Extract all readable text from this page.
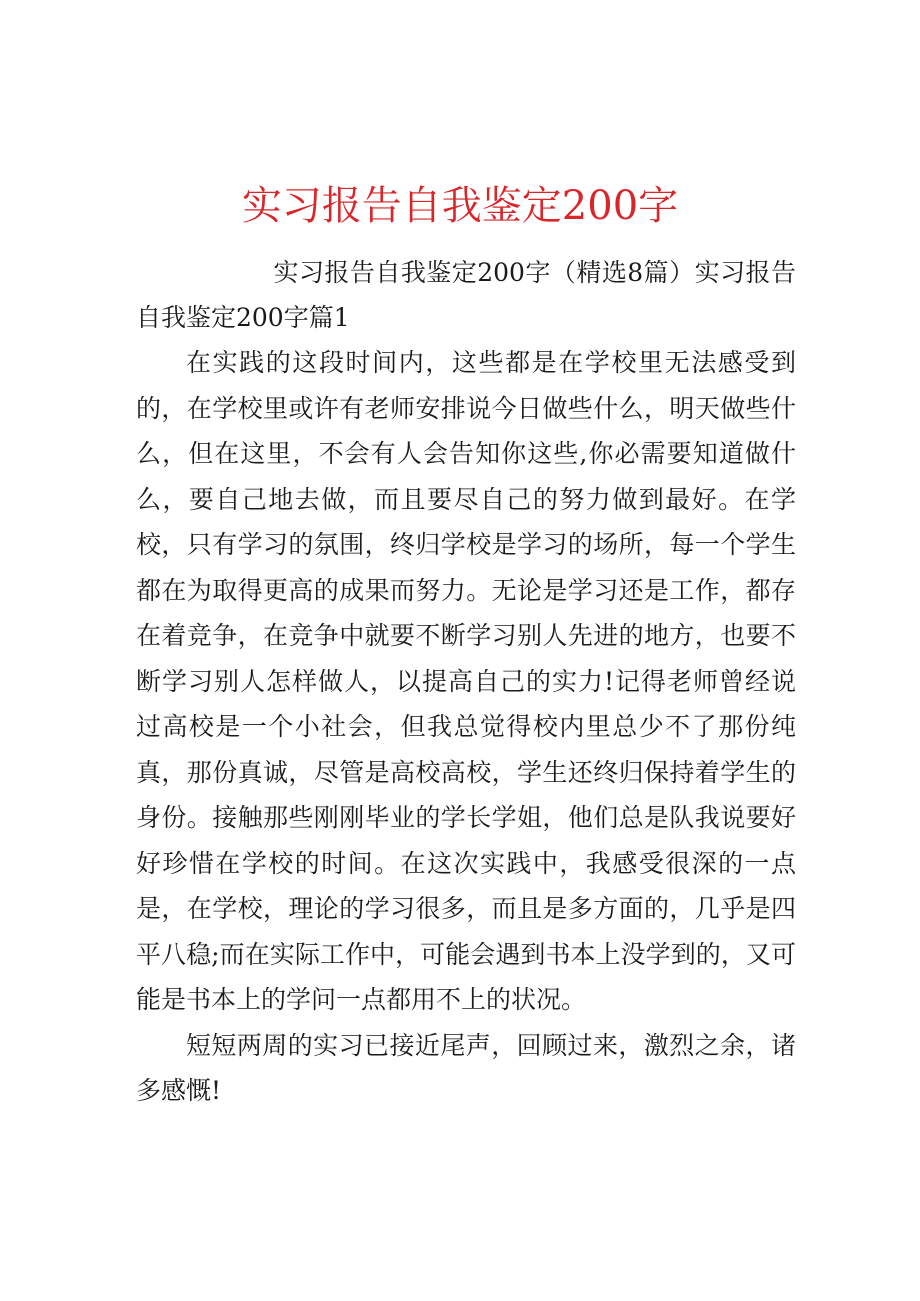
实习报告自我鉴定200字

实习报告自我鉴定200字（精选8篇）实习报告自我鉴定200字篇1

在实践的这段时间内，这些都是在学校里无法感受到的，在学校里或许有老师安排说今日做些什么，明天做些什么，但在这里，不会有人会告知你这些,你必需要知道做什么，要自己地去做，而且要尽自己的努力做到最好。在学校，只有学习的氛围，终归学校是学习的场所，每一个学生都在为取得更高的成果而努力。无论是学习还是工作，都存在着竞争，在竞争中就要不断学习别人先进的地方，也要不断学习别人怎样做人，以提高自己的实力!记得老师曾经说过高校是一个小社会，但我总觉得校内里总少不了那份纯真，那份真诚，尽管是高校高校，学生还终归保持着学生的身份。接触那些刚刚毕业的学长学姐，他们总是队我说要好好珍惜在学校的时间。在这次实践中，我感受很深的一点是，在学校，理论的学习很多，而且是多方面的，几乎是四平八稳;而在实际工作中，可能会遇到书本上没学到的，又可能是书本上的学问一点都用不上的状况。

短短两周的实习已接近尾声，回顾过来，激烈之余，诸多感慨!
